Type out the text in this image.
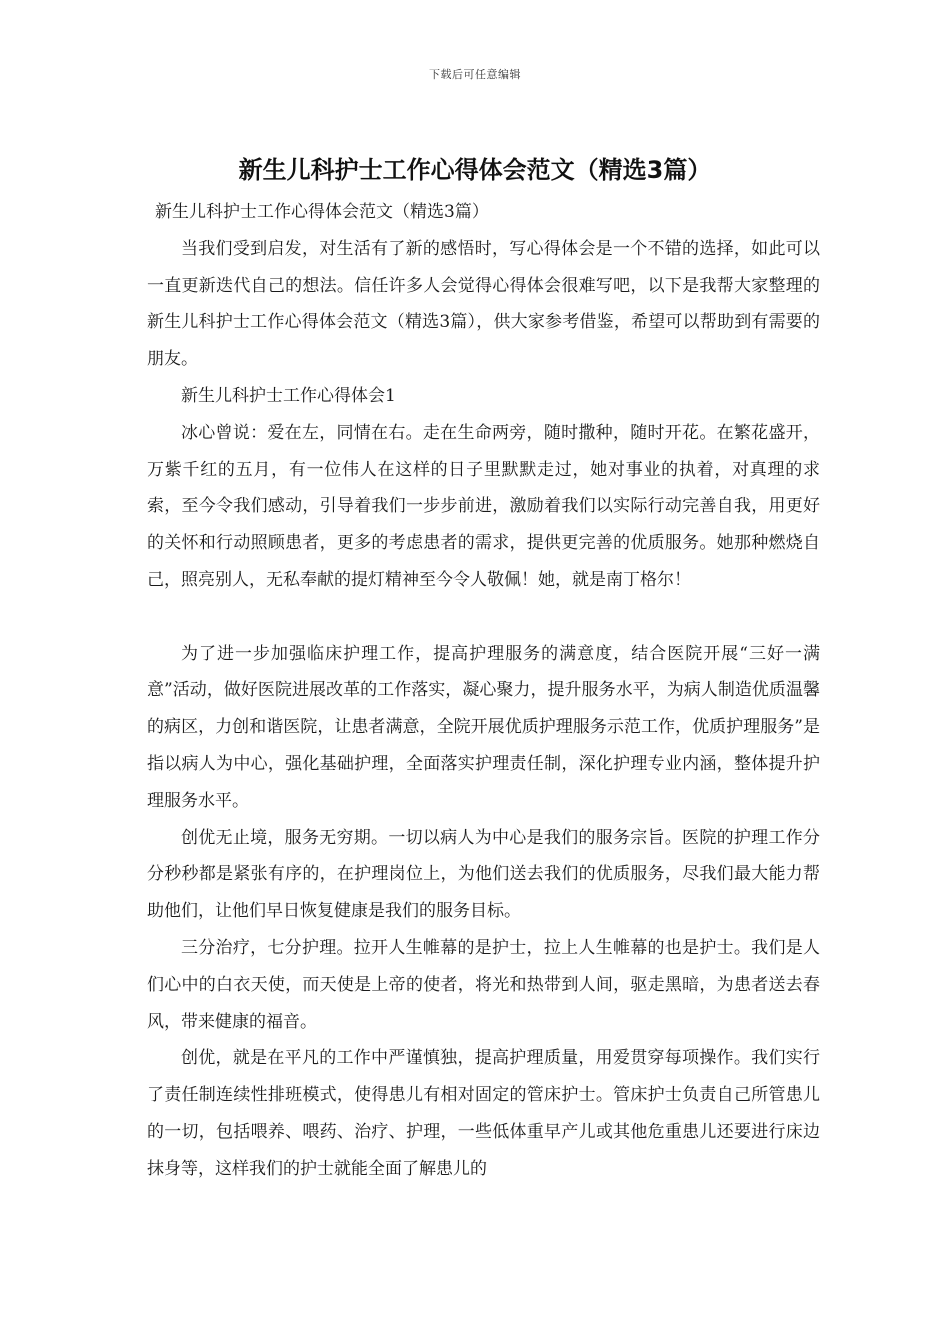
下载后可任意编辑
新生儿科护士工作心得体会范文（精选3篇）

新生儿科护士工作心得体会范文（精选3篇）

当我们受到启发，对生活有了新的感悟时，写心得体会是一个不错的选择，如此可以一直更新迭代自己的想法。信任许多人会觉得心得体会很难写吧，以下是我帮大家整理的新生儿科护士工作心得体会范文（精选3篇），供大家参考借鉴，希望可以帮助到有需要的朋友。

新生儿科护士工作心得体会1

冰心曾说：爱在左，同情在右。走在生命两旁，随时撒种，随时开花。在繁花盛开，万紫千红的五月，有一位伟人在这样的日子里默默走过，她对事业的执着，对真理的求索，至今令我们感动，引导着我们一步步前进，激励着我们以实际行动完善自我，用更好的关怀和行动照顾患者，更多的考虑患者的需求，提供更完善的优质服务。她那种燃烧自己，照亮别人，无私奉献的提灯精神至今令人敬佩！她，就是南丁格尔！

为了进一步加强临床护理工作，提高护理服务的满意度，结合医院开展“三好一满意”活动，做好医院进展改革的工作落实，凝心聚力，提升服务水平，为病人制造优质温馨的病区，力创和谐医院，让患者满意，全院开展优质护理服务示范工作，优质护理服务”是指以病人为中心，强化基础护理，全面落实护理责任制，深化护理专业内涵，整体提升护理服务水平。

创优无止境，服务无穷期。一切以病人为中心是我们的服务宗旨。医院的护理工作分分秒秒都是紧张有序的，在护理岗位上，为他们送去我们的优质服务，尽我们最大能力帮助他们，让他们早日恢复健康是我们的服务目标。

三分治疗，七分护理。拉开人生帷幕的是护士，拉上人生帷幕的也是护士。我们是人们心中的白衣天使，而天使是上帝的使者，将光和热带到人间，驱走黑暗，为患者送去春风，带来健康的福音。

创优，就是在平凡的工作中严谨慎独，提高护理质量，用爱贯穿每项操作。我们实行了责任制连续性排班模式，使得患儿有相对固定的管床护士。管床护士负责自己所管患儿的一切，包括喂养、喂药、治疗、护理，一些低体重早产儿或其他危重患儿还要进行床边抹身等，这样我们的护士就能全面了解患儿的
